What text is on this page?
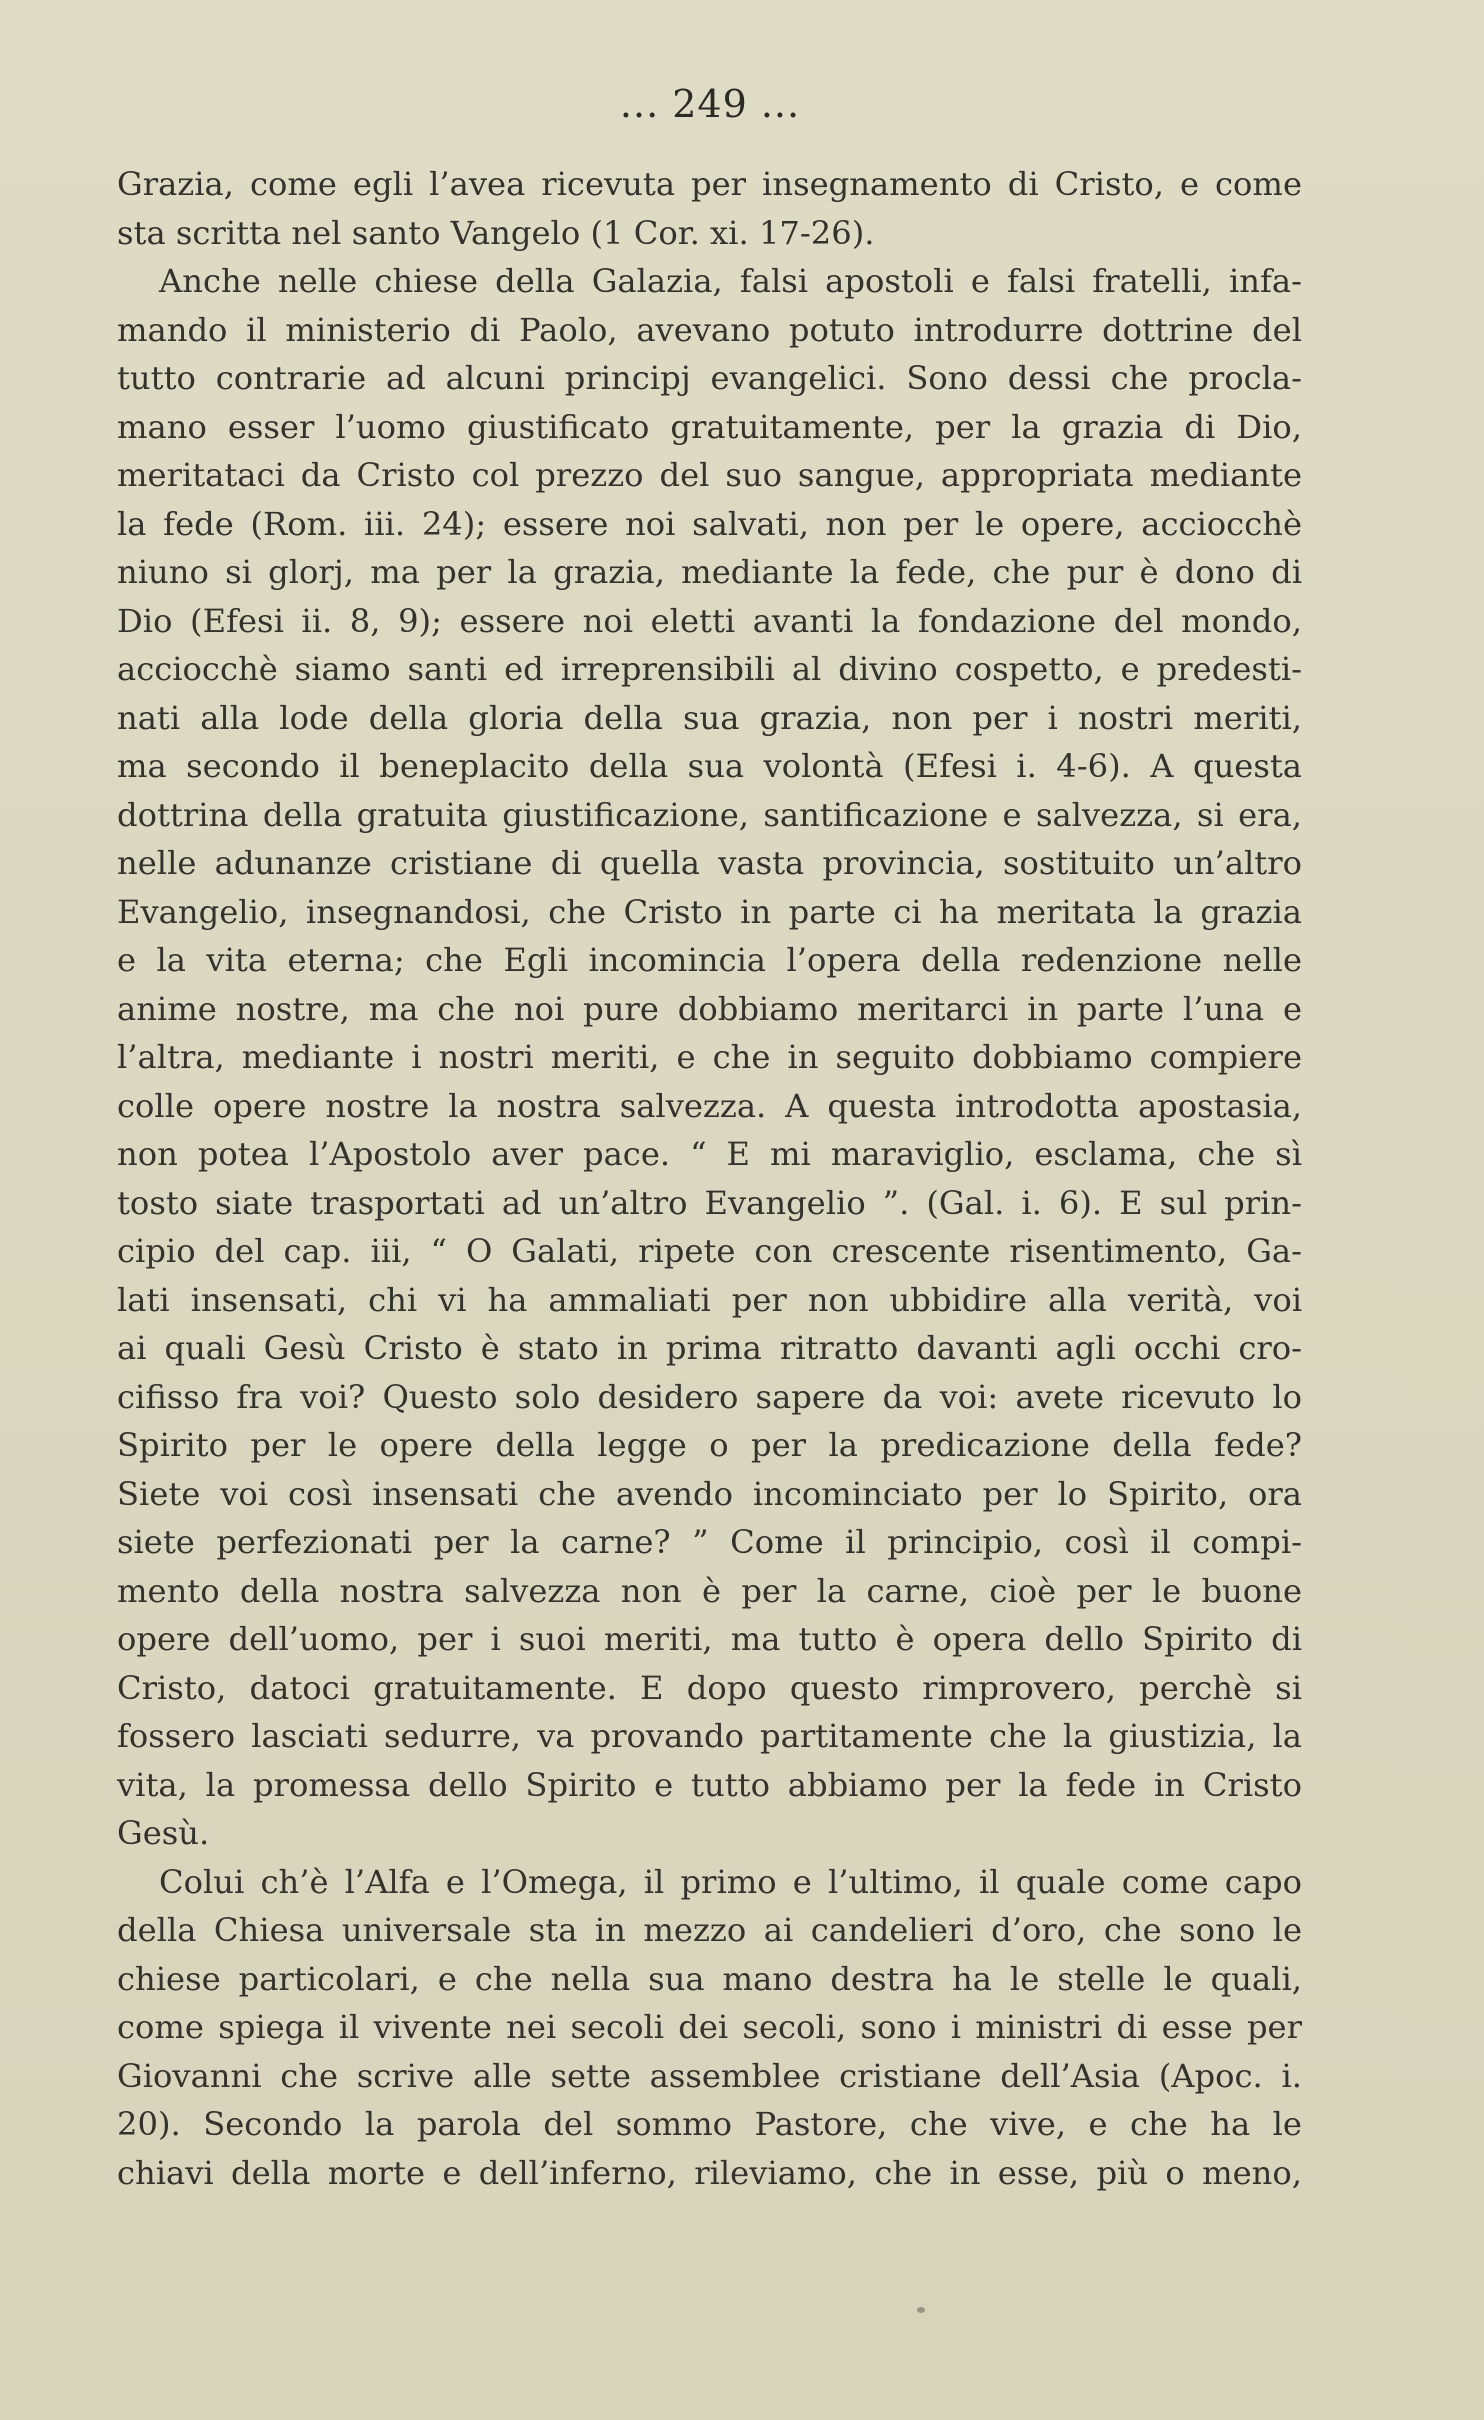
... 249 ...
Grazia, come egli l’avea ricevuta per insegnamento di Cristo, e come
sta scritta nel santo Vangelo (1 Cor. xi. 17-26).
Anche nelle chiese della Galazia, falsi apostoli e falsi fratelli, infa-
mando il ministerio di Paolo, avevano potuto introdurre dottrine del
tutto contrarie ad alcuni principj evangelici. Sono dessi che procla-
mano esser l’uomo giustificato gratuitamente, per la grazia di Dio,
meritataci da Cristo col prezzo del suo sangue, appropriata mediante
la fede (Rom. iii. 24); essere noi salvati, non per le opere, acciocchè
niuno si glorj, ma per la grazia, mediante la fede, che pur è dono di
Dio (Efesi ii. 8, 9); essere noi eletti avanti la fondazione del mondo,
acciocchè siamo santi ed irreprensibili al divino cospetto, e predesti-
nati alla lode della gloria della sua grazia, non per i nostri meriti,
ma secondo il beneplacito della sua volontà (Efesi i. 4-6). A questa
dottrina della gratuita giustificazione, santificazione e salvezza, si era,
nelle adunanze cristiane di quella vasta provincia, sostituito un’altro
Evangelio, insegnandosi, che Cristo in parte ci ha meritata la grazia
e la vita eterna; che Egli incomincia l’opera della redenzione nelle
anime nostre, ma che noi pure dobbiamo meritarci in parte l’una e
l’altra, mediante i nostri meriti, e che in seguito dobbiamo compiere
colle opere nostre la nostra salvezza. A questa introdotta apostasia,
non potea l’Apostolo aver pace. “ E mi maraviglio, esclama, che sì
tosto siate trasportati ad un’altro Evangelio ”. (Gal. i. 6). E sul prin-
cipio del cap. iii, “ O Galati, ripete con crescente risentimento, Ga-
lati insensati, chi vi ha ammaliati per non ubbidire alla verità, voi
ai quali Gesù Cristo è stato in prima ritratto davanti agli occhi cro-
cifisso fra voi? Questo solo desidero sapere da voi: avete ricevuto lo
Spirito per le opere della legge o per la predicazione della fede?
Siete voi così insensati che avendo incominciato per lo Spirito, ora
siete perfezionati per la carne? ” Come il principio, così il compi-
mento della nostra salvezza non è per la carne, cioè per le buone
opere dell’uomo, per i suoi meriti, ma tutto è opera dello Spirito di
Cristo, datoci gratuitamente. E dopo questo rimprovero, perchè si
fossero lasciati sedurre, va provando partitamente che la giustizia, la
vita, la promessa dello Spirito e tutto abbiamo per la fede in Cristo
Gesù.
Colui ch’è l’Alfa e l’Omega, il primo e l’ultimo, il quale come capo
della Chiesa universale sta in mezzo ai candelieri d’oro, che sono le
chiese particolari, e che nella sua mano destra ha le stelle le quali,
come spiega il vivente nei secoli dei secoli, sono i ministri di esse per
Giovanni che scrive alle sette assemblee cristiane dell’Asia (Apoc. i.
20). Secondo la parola del sommo Pastore, che vive, e che ha le
chiavi della morte e dell’inferno, rileviamo, che in esse, più o meno,
